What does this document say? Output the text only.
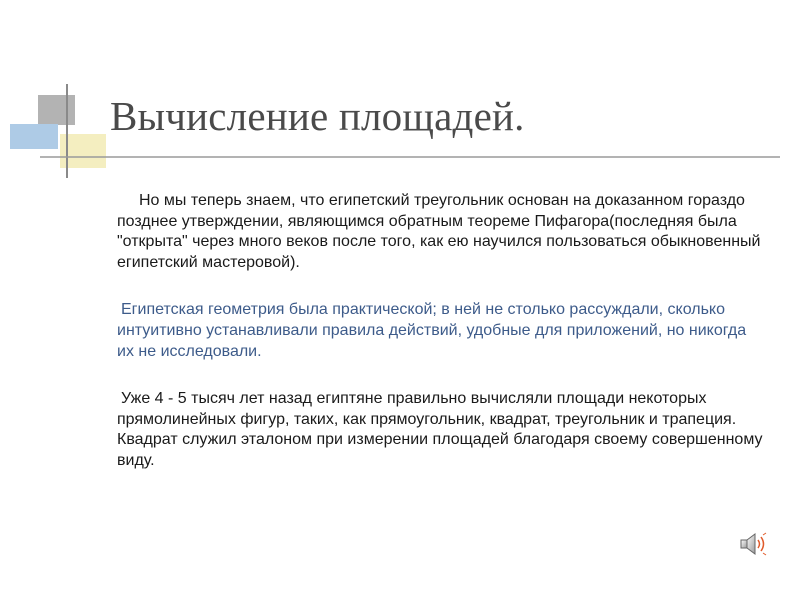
Вычисление площадей.

Но мы теперь знаем, что египетский треугольник основан на доказанном гораздо позднее утверждении, являющимся обратным теореме Пифагора(последняя была "открыта" через много веков после того, как ею научился пользоваться обыкновенный египетский мастеровой).

Египетская геометрия была практической; в ней не столько рассуждали, сколько интуитивно устанавливали правила действий, удобные для приложений, но никогда их не исследовали.

Уже 4 - 5 тысяч лет назад египтяне правильно вычисляли площади некоторых прямолинейных фигур, таких, как прямоугольник, квадрат, треугольник и трапеция. Квадрат служил эталоном при измерении площадей благодаря своему совершенному виду.
